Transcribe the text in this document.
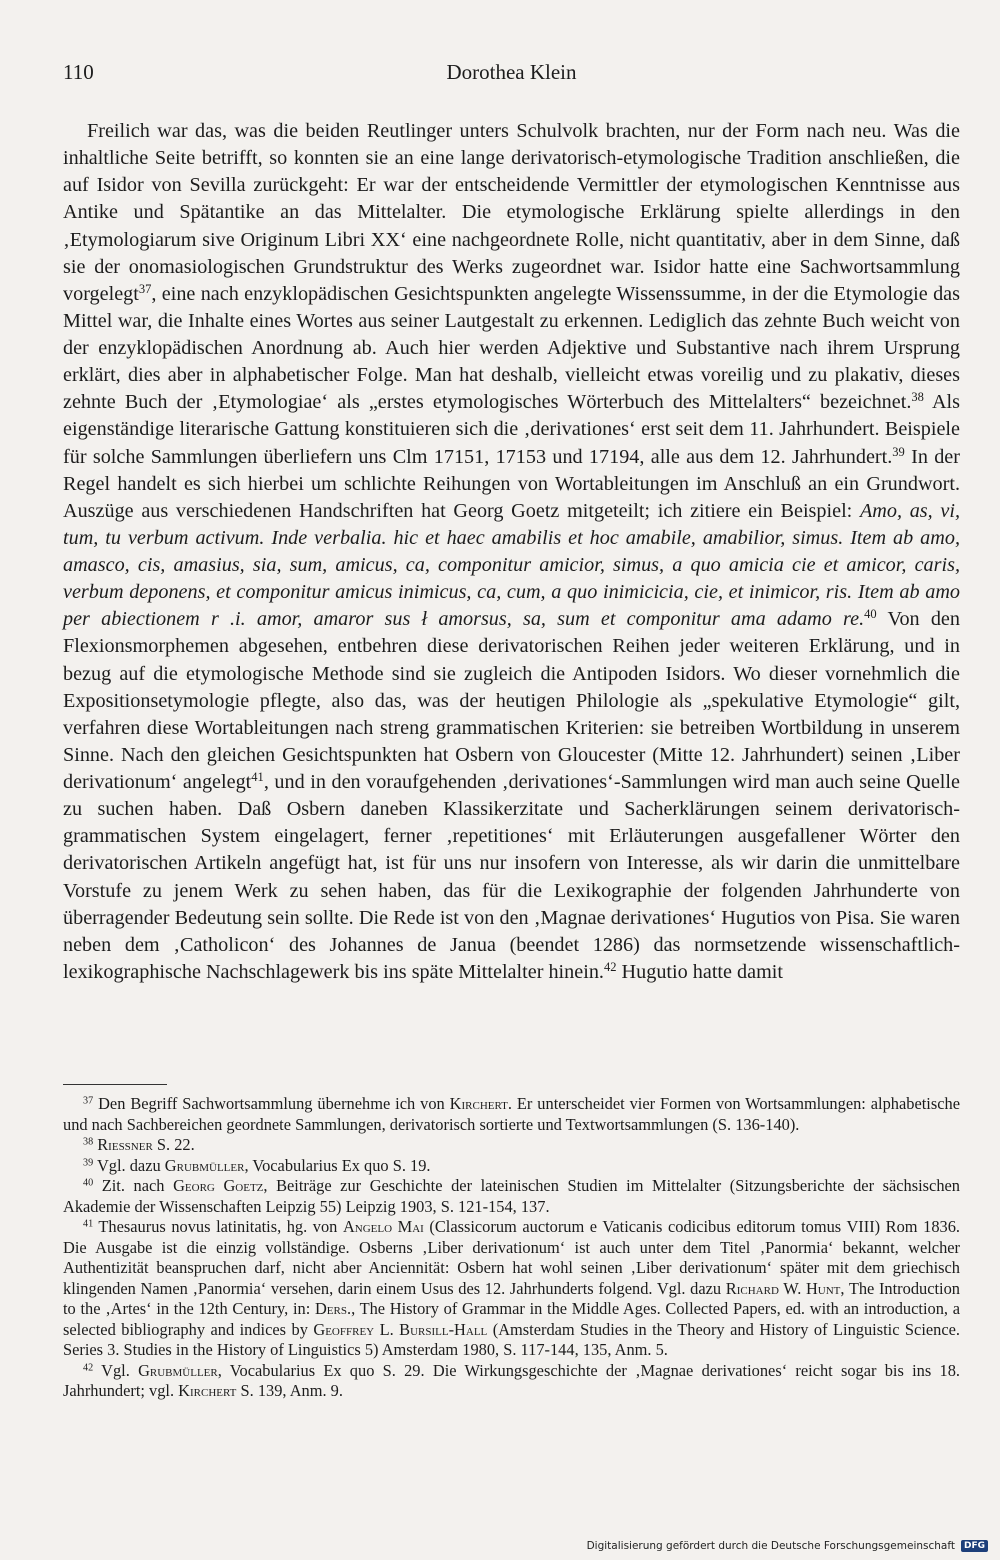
110	Dorothea Klein

Freilich war das, was die beiden Reutlinger unters Schulvolk brachten, nur der Form nach neu. Was die inhaltliche Seite betrifft, so konnten sie an eine lange derivatorisch-etymologische Tradition anschließen, die auf Isidor von Sevilla zurückgeht: Er war der entscheidende Vermittler der etymologischen Kenntnisse aus Antike und Spätantike an das Mittelalter. Die etymologische Erklärung spielte allerdings in den ‚Etymologiarum sive Originum Libri XX‘ eine nachgeordnete Rolle, nicht quantitativ, aber in dem Sinne, daß sie der onomasiologischen Grundstruktur des Werks zugeordnet war. Isidor hatte eine Sachwortsammlung vorgelegt$^{37}$, eine nach enzyklopädischen Gesichtspunkten angelegte Wissenssumme, in der die Etymologie das Mittel war, die Inhalte eines Wortes aus seiner Lautgestalt zu erkennen. Lediglich das zehnte Buch weicht von der enzyklopädischen Anordnung ab. Auch hier werden Adjektive und Substantive nach ihrem Ursprung erklärt, dies aber in alphabetischer Folge. Man hat deshalb, vielleicht etwas voreilig und zu plakativ, dieses zehnte Buch der ‚Etymologiae‘ als „erstes etymologisches Wörterbuch des Mittelalters“ bezeichnet.$^{38}$ Als eigenständige literarische Gattung konstituieren sich die ‚derivationes‘ erst seit dem 11. Jahrhundert. Beispiele für solche Sammlungen überliefern uns Clm 17151, 17153 und 17194, alle aus dem 12. Jahrhundert.$^{39}$ In der Regel handelt es sich hierbei um schlichte Reihungen von Wortableitungen im Anschluß an ein Grundwort. Auszüge aus verschiedenen Handschriften hat Georg Goetz mitgeteilt; ich zitiere ein Beispiel: Amo, as, vi, tum, tu verbum activum. Inde verbalia. hic et haec amabilis et hoc amabile, amabilior, simus. Item ab amo, amasco, cis, amasius, sia, sum, amicus, ca, componitur amicior, simus, a quo amicia cie et amicor, caris, verbum deponens, et componitur amicus inimicus, ca, cum, a quo inimicicia, cie, et inimicor, ris. Item ab amo per abiectionem r .i. amor, amaror sus ł amorsus, sa, sum et componitur ama adamo re.$^{40}$ Von den Flexionsmorphemen abgesehen, entbehren diese derivatorischen Reihen jeder weiteren Erklärung, und in bezug auf die etymologische Methode sind sie zugleich die Antipoden Isidors. Wo dieser vornehmlich die Expositionsetymologie pflegte, also das, was der heutigen Philologie als „spekulative Etymologie“ gilt, verfahren diese Wortableitungen nach streng grammatischen Kriterien: sie betreiben Wortbildung in unserem Sinne. Nach den gleichen Gesichtspunkten hat Osbern von Gloucester (Mitte 12. Jahrhundert) seinen ‚Liber derivationum‘ angelegt$^{41}$, und in den voraufgehenden ‚derivationes‘-Sammlungen wird man auch seine Quelle zu suchen haben. Daß Osbern daneben Klassikerzitate und Sacherklärungen seinem derivatorisch-grammatischen System eingelagert, ferner ‚repetitiones‘ mit Erläuterungen ausgefallener Wörter den derivatorischen Artikeln angefügt hat, ist für uns nur insofern von Interesse, als wir darin die unmittelbare Vorstufe zu jenem Werk zu sehen haben, das für die Lexikographie der folgenden Jahrhunderte von überragender Bedeutung sein sollte. Die Rede ist von den ‚Magnae derivationes‘ Hugutios von Pisa. Sie waren neben dem ‚Catholicon‘ des Johannes de Janua (beendet 1286) das normsetzende wissenschaftlich-lexikographische Nachschlagewerk bis ins späte Mittelalter hinein.$^{42}$ Hugutio hatte damit

$^{37}$ Den Begriff Sachwortsammlung übernehme ich von Kirchert. Er unterscheidet vier Formen von Wortsammlungen: alphabetische und nach Sachbereichen geordnete Sammlungen, derivatorisch sortierte und Textwortsammlungen (S. 136-140).

$^{38}$ Riessner S. 22.

$^{39}$ Vgl. dazu Grubmüller, Vocabularius Ex quo S. 19.

$^{40}$ Zit. nach Georg Goetz, Beiträge zur Geschichte der lateinischen Studien im Mittelalter (Sitzungsberichte der sächsischen Akademie der Wissenschaften Leipzig 55) Leipzig 1903, S. 121-154, 137.

$^{41}$ Thesaurus novus latinitatis, hg. von Angelo Mai (Classicorum auctorum e Vaticanis codicibus editorum tomus VIII) Rom 1836. Die Ausgabe ist die einzig vollständige. Osberns ‚Liber derivationum‘ ist auch unter dem Titel ‚Panormia‘ bekannt, welcher Authentizität beanspruchen darf, nicht aber Anciennität: Osbern hat wohl seinen ‚Liber derivationum‘ später mit dem griechisch klingenden Namen ‚Panormia‘ versehen, darin einem Usus des 12. Jahrhunderts folgend. Vgl. dazu Richard W. Hunt, The Introduction to the ‚Artes‘ in the 12th Century, in: Ders., The History of Grammar in the Middle Ages. Collected Papers, ed. with an introduction, a selected bibliography and indices by Geoffrey L. Bursill-Hall (Amsterdam Studies in the Theory and History of Linguistic Science. Series 3. Studies in the History of Linguistics 5) Amsterdam 1980, S. 117-144, 135, Anm. 5.

$^{42}$ Vgl. Grubmüller, Vocabularius Ex quo S. 29. Die Wirkungsgeschichte der ‚Magnae derivationes‘ reicht sogar bis ins 18. Jahrhundert; vgl. Kirchert S. 139, Anm. 9.

Digitalisierung gefördert durch die Deutsche Forschungsgemeinschaft	DFG
